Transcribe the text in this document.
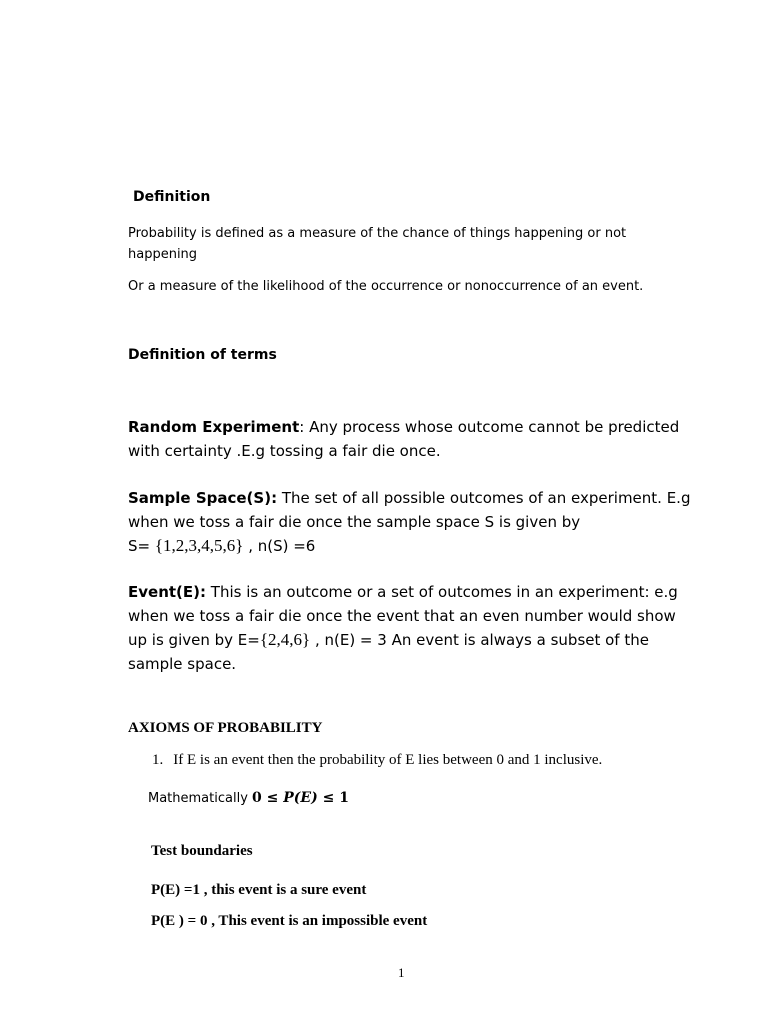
Definition
Probability is defined as a measure of the chance of things happening or not
happening
Or a measure of the likelihood of the occurrence or nonoccurrence of an event.
Definition of terms
Random Experiment: Any process whose outcome cannot be predicted
with certainty .E.g tossing a fair die once.
Sample Space(S): The set of all possible outcomes of an experiment. E.g
when we toss a fair die once the sample space S is given by
S= {1,2,3,4,5,6} , n(S) =6
Event(E): This is an outcome or a set of outcomes in an experiment: e.g
when we toss a fair die once the event that an even number would show
up is given by E={2,4,6} , n(E) = 3 An event is always a subset of the
sample space.
AXIOMS OF PROBABILITY
1. If E is an event then the probability of E lies between 0 and 1 inclusive.
Mathematically 0 ≤ P(E) ≤ 1
Test boundaries
P(E) =1 , this event is a sure event
P(E ) = 0 , This event is an impossible event
1
